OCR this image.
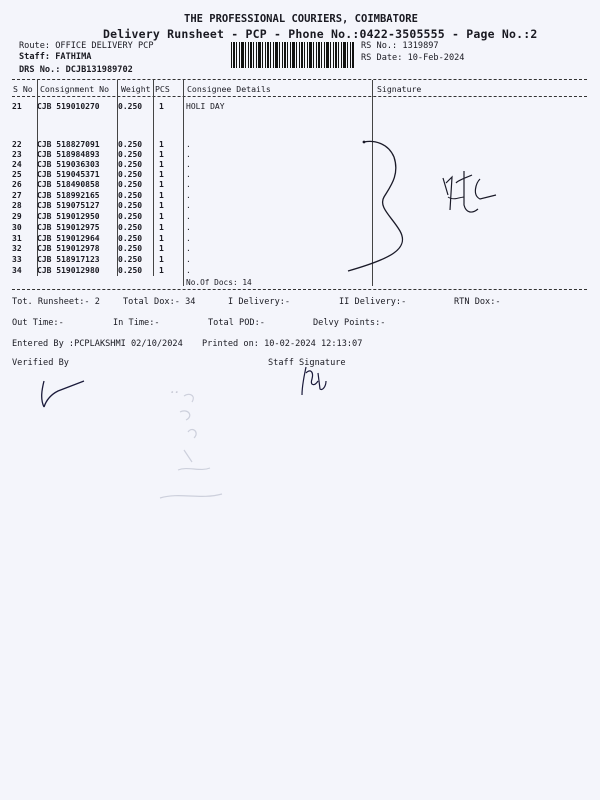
THE PROFESSIONAL COURIERS, COIMBATORE
Delivery Runsheet - PCP - Phone No.:0422-3505555 - Page No.:2
Route: OFFICE DELIVERY PCP
Staff: FATHIMA
DRS No.: DCJB131989702
RS No.: 1319897
RS Date: 10-Feb-2024
S No Consignment No Weight PCS Consignee Details	Signature
21 CJB 519010270 0.250 1	HOLI DAY
22 CJB 518827091 0.250 1	.
23 CJB 518984893 0.250 1	.
24 CJB 519036303 0.250 1	.
25 CJB 519045371 0.250 1	.
26 CJB 518490858 0.250 1	.
27 CJB 518992165 0.250 1	.
28 CJB 519075127 0.250 1	.
29 CJB 519012950 0.250 1	.
30 CJB 519012975 0.250 1	.
31 CJB 519012964 0.250 1	.
32 CJB 519012978 0.250 1	.
33 CJB 518917123 0.250 1	.
34 CJB 519012980 0.250 1	.
No.Of Docs: 14
Tot. Runsheet:- 2	Total Dox:- 34	I Delivery:-	II Delivery:-	RTN Dox:-
Out Time:-	In Time:-	Total POD:-	Delvy Points:-
Entered By :PCPLAKSHMI 02/10/2024 Printed on: 10-02-2024 12:13:07
Verified By	Staff Signature
··
